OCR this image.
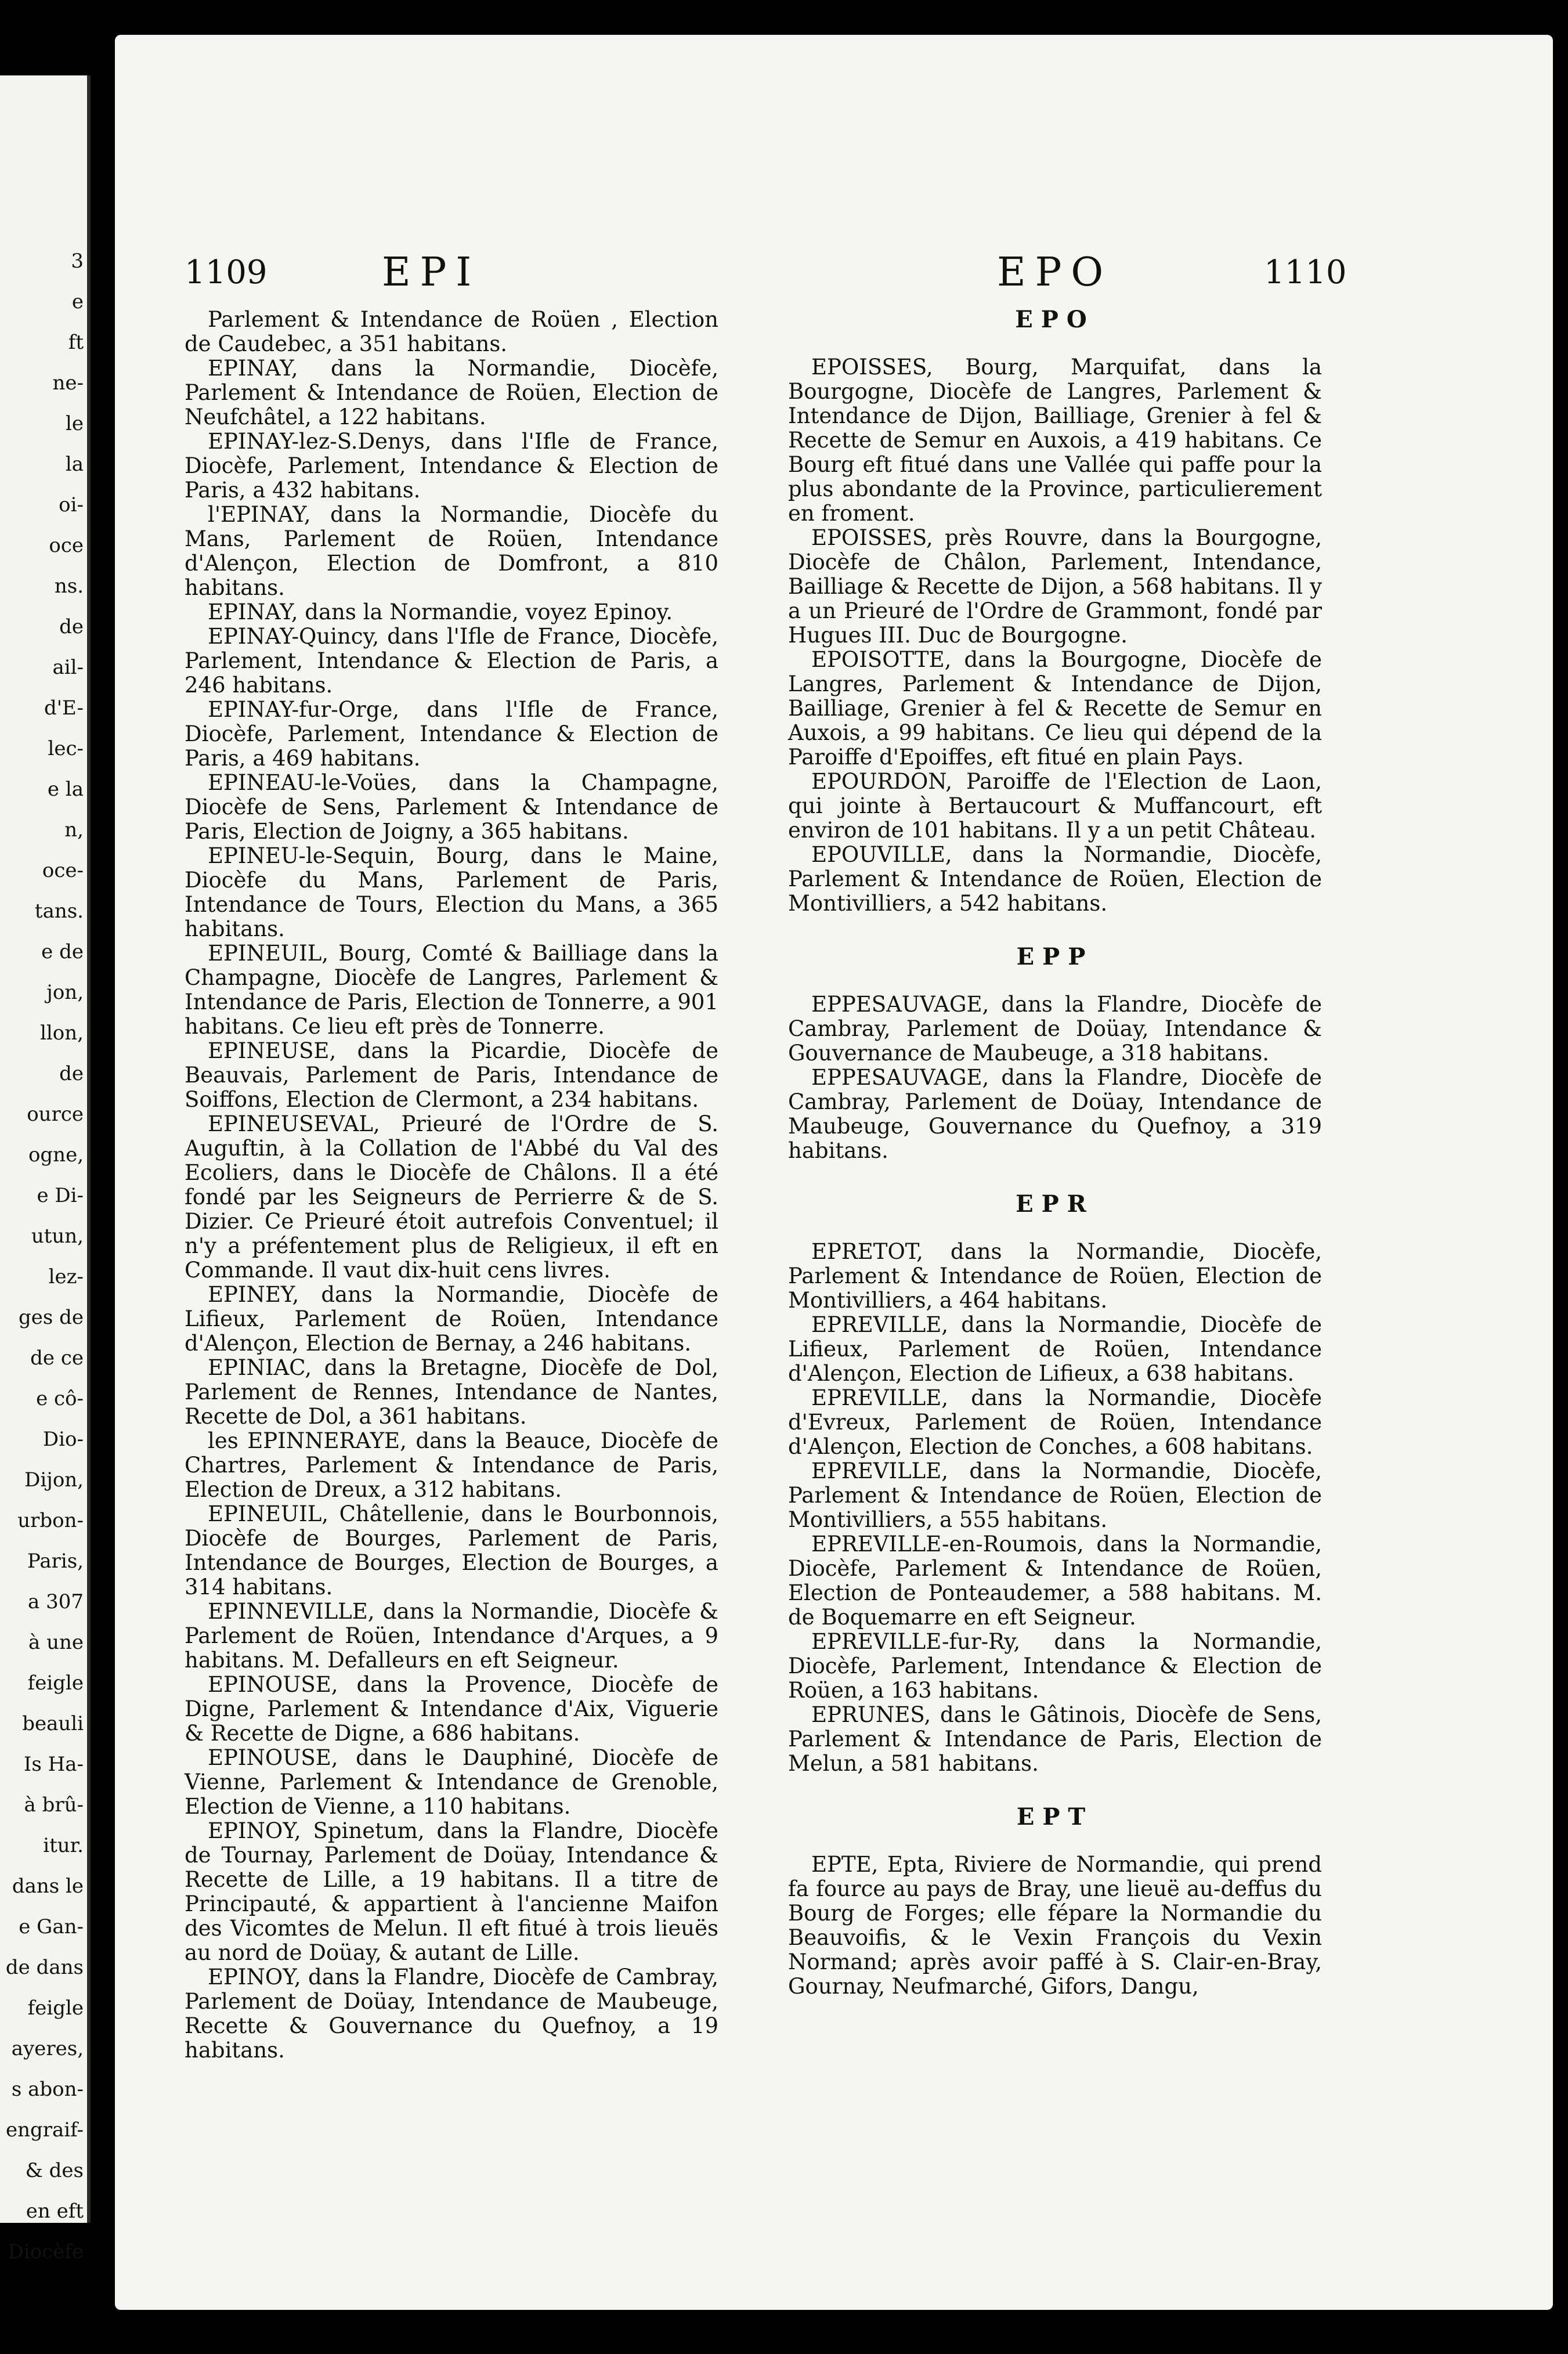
3
e
ft
ne-
le
la
oi-
oce
ns.
de
ail-
d'E-
lec-
e la
n,
oce-
tans.
e de
jon,
llon,
de
ource
ogne,
e Di-
utun,
lez-
ges de
de ce
e cô-
Dio-
Dijon,
urbon-
Paris,
a 307
à une
feigle
beauli
Is Ha-
à brû-
itur.
dans le
e Gan-
de dans
feigle
ayeres,
s abon-
engraif-
& des
en eft
Diocèfe
1109	EPI	EPO	1110

Parlement & Intendance de Roüen , Election de Caudebec, a 351 habitans.

EPINAY, dans la Normandie, Diocèfe, Parlement & Intendance de Roüen, Election de Neufchâtel, a 122 habitans.

EPINAY-lez-S.Denys, dans l'Ifle de France, Diocèfe, Parlement, Intendance & Election de Paris, a 432 habitans.

l'EPINAY, dans la Normandie, Diocèfe du Mans, Parlement de Roüen, Intendance d'Alençon, Election de Domfront, a 810 habitans.

EPINAY, dans la Normandie, voyez Epinoy.

EPINAY-Quincy, dans l'Ifle de France, Diocèfe, Parlement, Intendance & Election de Paris, a 246 habitans.

EPINAY-fur-Orge, dans l'Ifle de France, Diocèfe, Parlement, Intendance & Election de Paris, a 469 habitans.

EPINEAU-le-Voües, dans la Champagne, Diocèfe de Sens, Parlement & Intendance de Paris, Election de Joigny, a 365 habitans.

EPINEU-le-Sequin, Bourg, dans le Maine, Diocèfe du Mans, Parlement de Paris, Intendance de Tours, Election du Mans, a 365 habitans.

EPINEUIL, Bourg, Comté & Bailliage dans la Champagne, Diocèfe de Langres, Parlement & Intendance de Paris, Election de Tonnerre, a 901 habitans. Ce lieu eft près de Tonnerre.

EPINEUSE, dans la Picardie, Diocèfe de Beauvais, Parlement de Paris, Intendance de Soiffons, Election de Clermont, a 234 habitans.

EPINEUSEVAL, Prieuré de l'Ordre de S. Auguftin, à la Collation de l'Abbé du Val des Ecoliers, dans le Diocèfe de Châlons. Il a été fondé par les Seigneurs de Perrierre & de S. Dizier. Ce Prieuré étoit autrefois Conventuel; il n'y a préfentement plus de Religieux, il eft en Commande. Il vaut dix-huit cens livres.

EPINEY, dans la Normandie, Diocèfe de Lifieux, Parlement de Roüen, Intendance d'Alençon, Election de Bernay, a 246 habitans.

EPINIAC, dans la Bretagne, Diocèfe de Dol, Parlement de Rennes, Intendance de Nantes, Recette de Dol, a 361 habitans.

les EPINNERAYE, dans la Beauce, Diocèfe de Chartres, Parlement & Intendance de Paris, Election de Dreux, a 312 habitans.

EPINEUIL, Châtellenie, dans le Bourbonnois, Diocèfe de Bourges, Parlement de Paris, Intendance de Bourges, Election de Bourges, a 314 habitans.

EPINNEVILLE, dans la Normandie, Diocèfe & Parlement de Roüen, Intendance d'Arques, a 9 habitans. M. Defalleurs en eft Seigneur.

EPINOUSE, dans la Provence, Diocèfe de Digne, Parlement & Intendance d'Aix, Viguerie & Recette de Digne, a 686 habitans.

EPINOUSE, dans le Dauphiné, Diocèfe de Vienne, Parlement & Intendance de Grenoble, Election de Vienne, a 110 habitans.

EPINOY, Spinetum, dans la Flandre, Diocèfe de Tournay, Parlement de Doüay, Intendance & Recette de Lille, a 19 habitans. Il a titre de Principauté, & appartient à l'ancienne Maifon des Vicomtes de Melun. Il eft fitué à trois lieuës au nord de Doüay, & autant de Lille.

EPINOY, dans la Flandre, Diocèfe de Cambray, Parlement de Doüay, Intendance de Maubeuge, Recette & Gouvernance du Quefnoy, a 19 habitans.

EPO

EPOISSES, Bourg, Marquifat, dans la Bourgogne, Diocèfe de Langres, Parlement & Intendance de Dijon, Bailliage, Grenier à fel & Recette de Semur en Auxois, a 419 habitans. Ce Bourg eft fitué dans une Vallée qui paffe pour la plus abondante de la Province, particulierement en froment.

EPOISSES, près Rouvre, dans la Bourgogne, Diocèfe de Châlon, Parlement, Intendance, Bailliage & Recette de Dijon, a 568 habitans. Il y a un Prieuré de l'Ordre de Grammont, fondé par Hugues III. Duc de Bourgogne.

EPOISOTTE, dans la Bourgogne, Diocèfe de Langres, Parlement & Intendance de Dijon, Bailliage, Grenier à fel & Recette de Semur en Auxois, a 99 habitans. Ce lieu qui dépend de la Paroiffe d'Epoiffes, eft fitué en plain Pays.

EPOURDON, Paroiffe de l'Election de Laon, qui jointe à Bertaucourt & Muffancourt, eft environ de 101 habitans. Il y a un petit Château.

EPOUVILLE, dans la Normandie, Diocèfe, Parlement & Intendance de Roüen, Election de Montivilliers, a 542 habitans.

EPP

EPPESAUVAGE, dans la Flandre, Diocèfe de Cambray, Parlement de Doüay, Intendance & Gouvernance de Maubeuge, a 318 habitans.

EPPESAUVAGE, dans la Flandre, Diocèfe de Cambray, Parlement de Doüay, Intendance de Maubeuge, Gouvernance du Quefnoy, a 319 habitans.

EPR

EPRETOT, dans la Normandie, Diocèfe, Parlement & Intendance de Roüen, Election de Montivilliers, a 464 habitans.

EPREVILLE, dans la Normandie, Diocèfe de Lifieux, Parlement de Roüen, Intendance d'Alençon, Election de Lifieux, a 638 habitans.

EPREVILLE, dans la Normandie, Diocèfe d'Evreux, Parlement de Roüen, Intendance d'Alençon, Election de Conches, a 608 habitans.

EPREVILLE, dans la Normandie, Diocèfe, Parlement & Intendance de Roüen, Election de Montivilliers, a 555 habitans.

EPREVILLE-en-Roumois, dans la Normandie, Diocèfe, Parlement & Intendance de Roüen, Election de Ponteaudemer, a 588 habitans. M. de Boquemarre en eft Seigneur.

EPREVILLE-fur-Ry, dans la Normandie, Diocèfe, Parlement, Intendance & Election de Roüen, a 163 habitans.

EPRUNES, dans le Gâtinois, Diocèfe de Sens, Parlement & Intendance de Paris, Election de Melun, a 581 habitans.

EPT

EPTE, Epta, Riviere de Normandie, qui prend fa fource au pays de Bray, une lieuë au-deffus du Bourg de Forges; elle fépare la Normandie du Beauvoifis, & le Vexin François du Vexin Normand; après avoir paffé à S. Clair-en-Bray, Gournay, Neufmarché, Gifors, Dangu,
